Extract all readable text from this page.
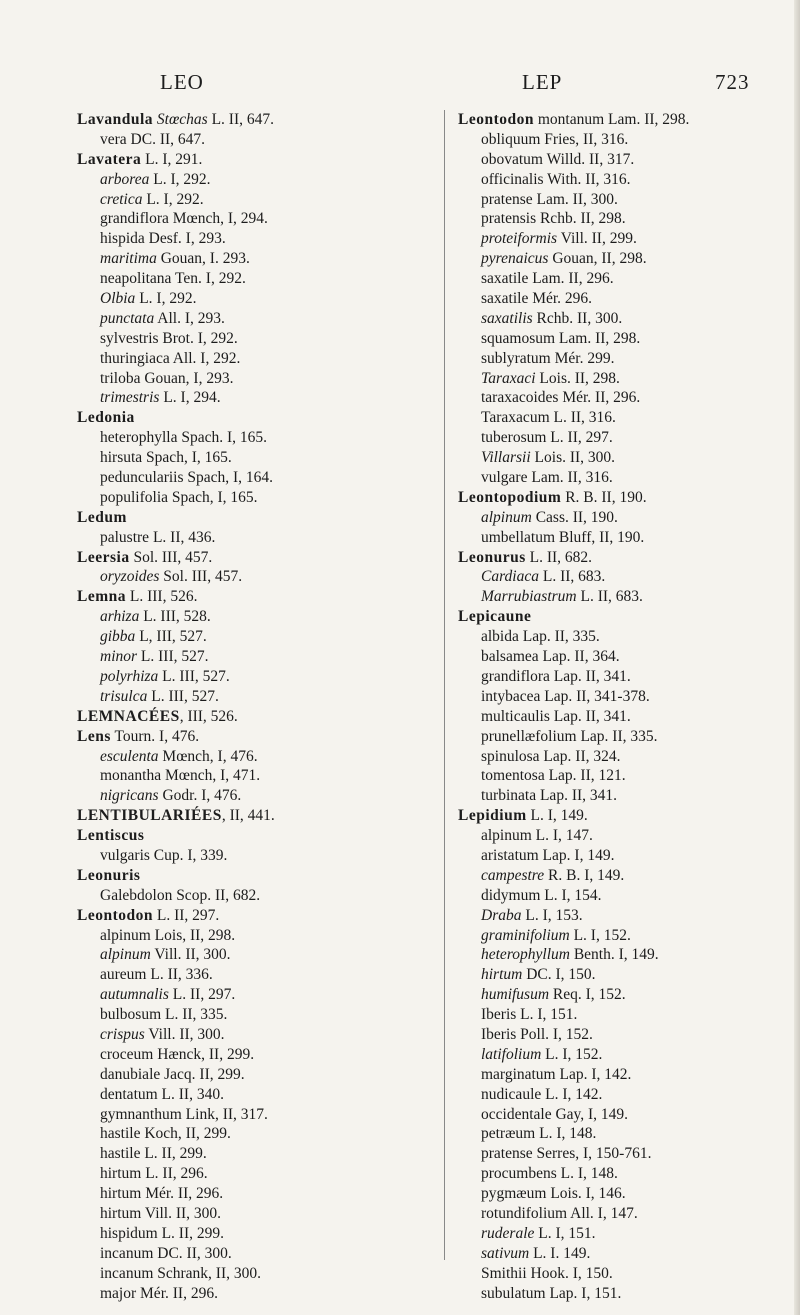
LEO	LEP	723
Lavandula Stœchas L. II, 647.
vera DC. II, 647.
Lavatera L. I, 291.
arborea L. I, 292.
cretica L. I, 292.
grandiflora Mœnch, I, 294.
hispida Desf. I, 293.
maritima Gouan, I. 293.
neapolitana Ten. I, 292.
Olbia L. I, 292.
punctata All. I, 293.
sylvestris Brot. I, 292.
thuringiaca All. I, 292.
triloba Gouan, I, 293.
trimestris L. I, 294.
Ledonia
heterophylla Spach. I, 165.
hirsuta Spach, I, 165.
pedunculariis Spach, I, 164.
populifolia Spach, I, 165.
Ledum
palustre L. II, 436.
Leersia Sol. III, 457.
oryzoides Sol. III, 457.
Lemna L. III, 526.
arhiza L. III, 528.
gibba L, III, 527.
minor L. III, 527.
polyrhiza L. III, 527.
trisulca L. III, 527.
LEMNACÉES, III, 526.
Lens Tourn. I, 476.
esculenta Mœnch, I, 476.
monantha Mœnch, I, 471.
nigricans Godr. I, 476.
LENTIBULARIÉES, II, 441.
Lentiscus
vulgaris Cup. I, 339.
Leonuris
Galebdolon Scop. II, 682.
Leontodon L. II, 297.
alpinum Lois, II, 298.
alpinum Vill. II, 300.
aureum L. II, 336.
autumnalis L. II, 297.
bulbosum L. II, 335.
crispus Vill. II, 300.
croceum Hænck, II, 299.
danubiale Jacq. II, 299.
dentatum L. II, 340.
gymnanthum Link, II, 317.
hastile Koch, II, 299.
hastile L. II, 299.
hirtum L. II, 296.
hirtum Mér. II, 296.
hirtum Vill. II, 300.
hispidum L. II, 299.
incanum DC. II, 300.
incanum Schrank, II, 300.
major Mér. II, 296.
Leontodon montanum Lam. II, 298.
obliquum Fries, II, 316.
obovatum Willd. II, 317.
officinalis With. II, 316.
pratense Lam. II, 300.
pratensis Rchb. II, 298.
proteiformis Vill. II, 299.
pyrenaicus Gouan, II, 298.
saxatile Lam. II, 296.
saxatile Mér. 296.
saxatilis Rchb. II, 300.
squamosum Lam. II, 298.
sublyratum Mér. 299.
Taraxaci Lois. II, 298.
taraxacoides Mér. II, 296.
Taraxacum L. II, 316.
tuberosum L. II, 297.
Villarsii Lois. II, 300.
vulgare Lam. II, 316.
Leontopodium R. B. II, 190.
alpinum Cass. II, 190.
umbellatum Bluff, II, 190.
Leonurus L. II, 682.
Cardiaca L. II, 683.
Marrubiastrum L. II, 683.
Lepicaune
albida Lap. II, 335.
balsamea Lap. II, 364.
grandiflora Lap. II, 341.
intybacea Lap. II, 341-378.
multicaulis Lap. II, 341.
prunellæfolium Lap. II, 335.
spinulosa Lap. II, 324.
tomentosa Lap. II, 121.
turbinata Lap. II, 341.
Lepidium L. I, 149.
alpinum L. I, 147.
aristatum Lap. I, 149.
campestre R. B. I, 149.
didymum L. I, 154.
Draba L. I, 153.
graminifolium L. I, 152.
heterophyllum Benth. I, 149.
hirtum DC. I, 150.
humifusum Req. I, 152.
Iberis L. I, 151.
Iberis Poll. I, 152.
latifolium L. I, 152.
marginatum Lap. I, 142.
nudicaule L. I, 142.
occidentale Gay, I, 149.
petræum L. I, 148.
pratense Serres, I, 150-761.
procumbens L. I, 148.
pygmæum Lois. I, 146.
rotundifolium All. I, 147.
ruderale L. I, 151.
sativum L. I. 149.
Smithii Hook. I, 150.
subulatum Lap. I, 151.
